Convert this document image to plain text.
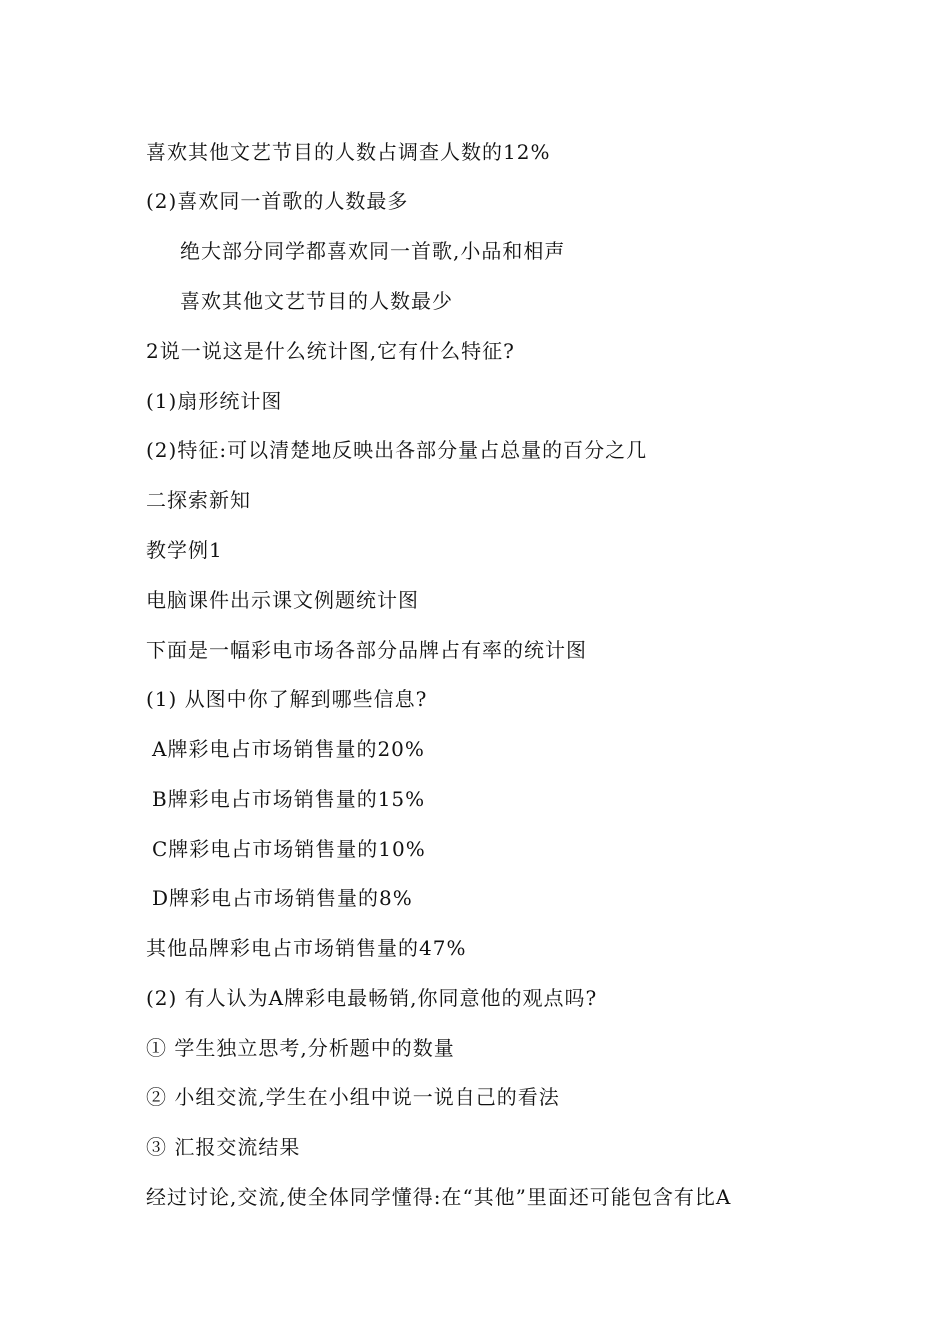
喜欢其他文艺节目的人数占调查人数的12%
(2)喜欢同一首歌的人数最多
绝大部分同学都喜欢同一首歌,小品和相声
喜欢其他文艺节目的人数最少
2说一说这是什么统计图,它有什么特征?
(1)扇形统计图
(2)特征:可以清楚地反映出各部分量占总量的百分之几
二探索新知
教学例1
电脑课件出示课文例题统计图
下面是一幅彩电市场各部分品牌占有率的统计图
(1) 从图中你了解到哪些信息?
A牌彩电占市场销售量的20%
B牌彩电占市场销售量的15%
C牌彩电占市场销售量的10%
D牌彩电占市场销售量的8%
其他品牌彩电占市场销售量的47%
(2) 有人认为A牌彩电最畅销,你同意他的观点吗?
① 学生独立思考,分析题中的数量
② 小组交流,学生在小组中说一说自己的看法
③ 汇报交流结果
经过讨论,交流,使全体同学懂得:在“其他”里面还可能包含有比A
